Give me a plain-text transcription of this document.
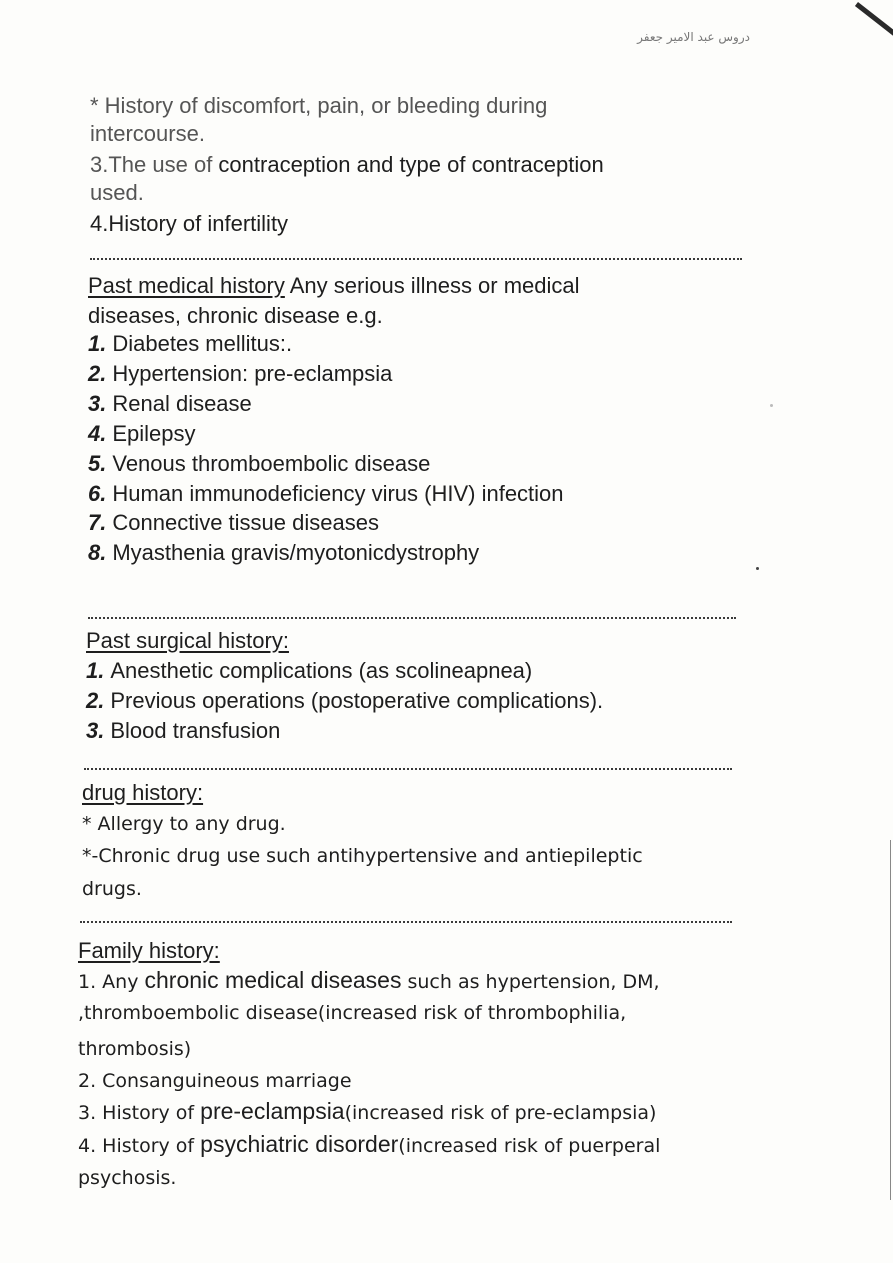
دروس عبد الامير جعفر
* History of discomfort, pain, or bleeding during
intercourse.
3.The use of contraception and type of contraception
used.
4.History of infertility
Past medical history Any serious illness or medical
diseases, chronic disease e.g.
1. Diabetes mellitus:.
2. Hypertension: pre-eclampsia
3. Renal disease
4. Epilepsy
5. Venous thromboembolic disease
6. Human immunodeficiency virus (HIV) infection
7. Connective tissue diseases
8. Myasthenia gravis/myotonicdystrophy
Past surgical history:
1. Anesthetic complications (as scolineapnea)
2. Previous operations (postoperative complications).
3. Blood transfusion
drug history:
* Allergy to any drug.
*-Chronic drug use such antihypertensive and antiepileptic
drugs.
Family history:
1. Any chronic medical diseases such as hypertension, DM,
,thromboembolic disease(increased risk of thrombophilia,
thrombosis)
2. Consanguineous marriage
3. History of pre-eclampsia(increased risk of pre-eclampsia)
4. History of psychiatric disorder(increased risk of puerperal
psychosis.
